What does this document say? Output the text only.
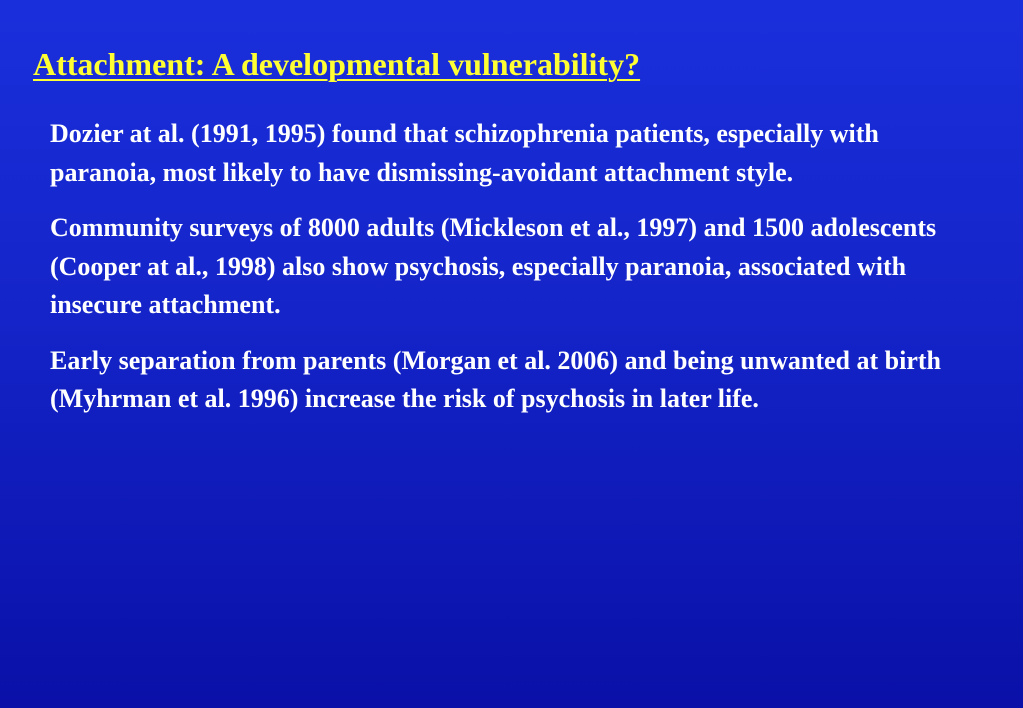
Attachment: A developmental vulnerability?

Dozier at al. (1991, 1995) found that schizophrenia patients, especially with paranoia, most likely to have dismissing-avoidant attachment style.

Community surveys of 8000 adults (Mickleson et al., 1997) and 1500 adolescents (Cooper at al., 1998) also show psychosis, especially paranoia, associated with insecure attachment.

Early separation from parents (Morgan et al. 2006) and being unwanted at birth (Myhrman et al. 1996) increase the risk of psychosis in later life.
